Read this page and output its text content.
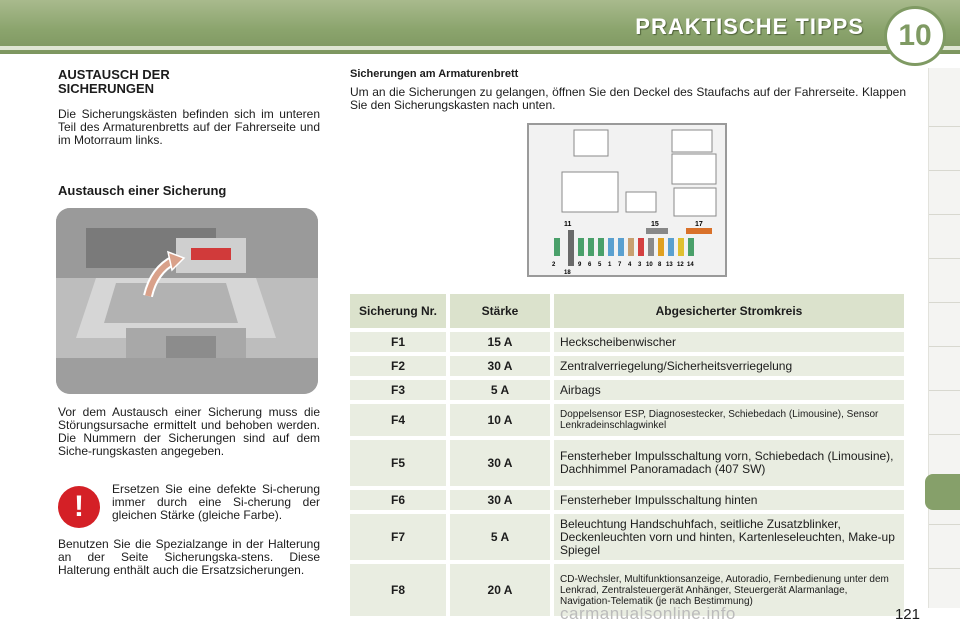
PRAKTISCHE TIPPS	10
AUSTAUSCH DER SICHERUNGEN

Die Sicherungskästen befinden sich im unteren Teil des Armaturenbretts auf der Fahrerseite und im Motorraum links.

Austausch einer Sicherung

Vor dem Austausch einer Sicherung muss die Störungsursache ermittelt und behoben werden. Die Nummern der Sicherungen sind auf dem Siche-rungskasten angegeben.

!

Ersetzen Sie eine defekte Si-cherung immer durch eine Si-cherung der gleichen Stärke (gleiche Farbe).

Benutzen Sie die Spezialzange in der Halterung an der Seite Sicherungska-stens. Diese Halterung enthält auch die Ersatzsicherungen.

Sicherungen am Armaturenbrett

Um an die Sicherungen zu gelangen, öffnen Sie den Deckel des Staufachs auf der Fahrerseite. Klappen Sie den Sicherungskasten nach unten.

11	15	17
2	9 6 5 1 7 4 3 10 8 13 12 14
18
Sicherung Nr.	Stärke	Abgesicherter Stromkreis
F1	15 A	Heckscheibenwischer
F2	30 A	Zentralverriegelung/Sicherheitsverriegelung
F3	5 A	Airbags
F4	10 A	Doppelsensor ESP, Diagnosestecker, Schiebedach (Limousine), Sensor Lenkradeinschlagwinkel
F5	30 A	Fensterheber Impulsschaltung vorn, Schiebedach (Limousine), Dachhimmel Panoramadach (407 SW)
F6	30 A	Fensterheber Impulsschaltung hinten
F7	5 A	Beleuchtung Handschuhfach, seitliche Zusatzblinker, Deckenleuchten vorn und hinten, Kartenleseleuchten, Make-up Spiegel
F8	20 A	CD-Wechsler, Multifunktionsanzeige, Autoradio, Fernbedienung unter dem Lenkrad, Zentralsteuergerät Anhänger, Steuergerät Alarmanlage, Navigation-Telematik (je nach Bestimmung)
121
carmanualsonline.info
